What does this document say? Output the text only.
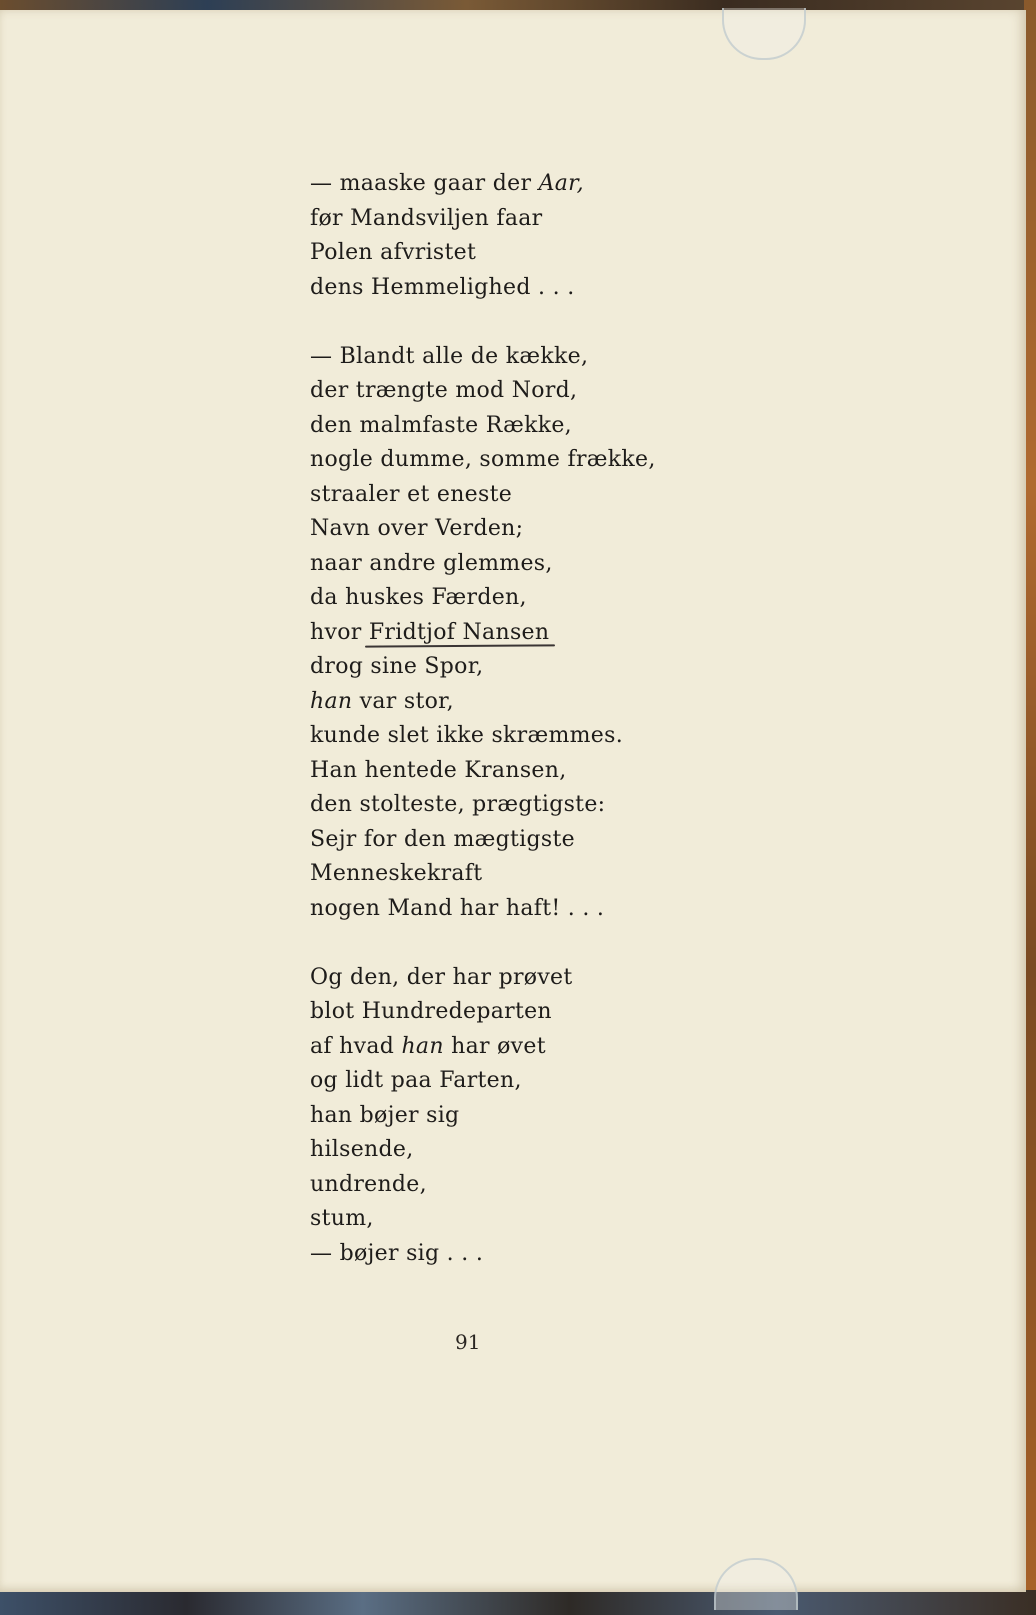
— maaske gaar der Aar,
før Mandsviljen faar
Polen afvristet
dens Hemmelighed . . .
— Blandt alle de kække,
der trængte mod Nord,
den malmfaste Række,
nogle dumme, somme frække,
straaler et eneste
Navn over Verden;
naar andre glemmes,
da huskes Færden,
hvor Fridtjof Nansen
drog sine Spor,
han var stor,
kunde slet ikke skræmmes.
Han hentede Kransen,
den stolteste, prægtigste:
Sejr for den mægtigste
Menneskekraft
nogen Mand har haft! . . .
Og den, der har prøvet
blot Hundredeparten
af hvad han har øvet
og lidt paa Farten,
han bøjer sig
hilsende,
undrende,
stum,
— bøjer sig . . .
91
